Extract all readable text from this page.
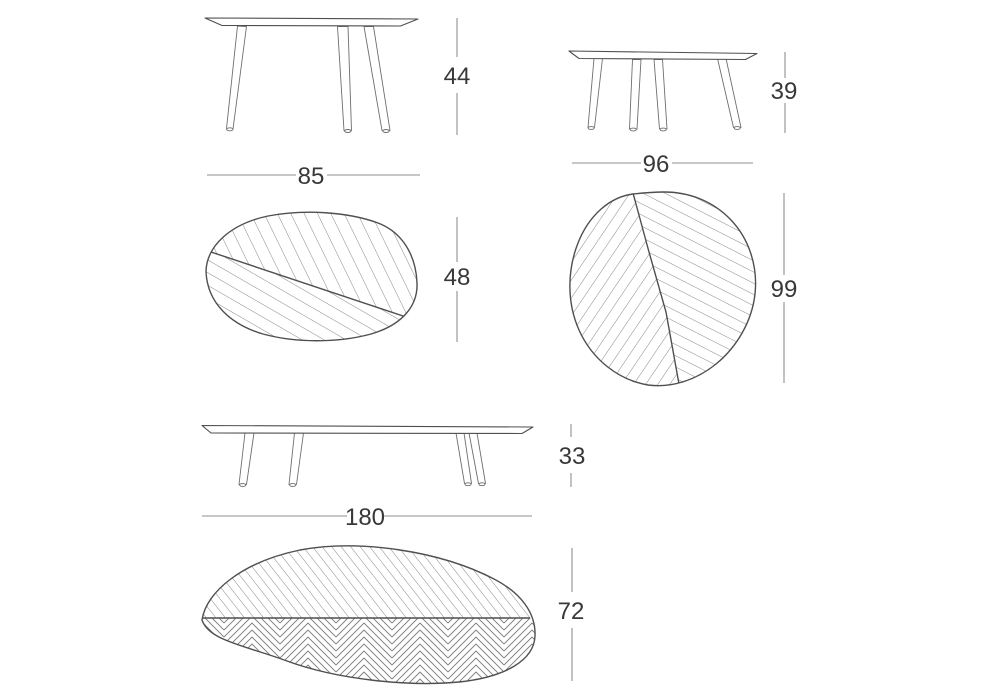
44
85
39
96
48	99
33
180
72
